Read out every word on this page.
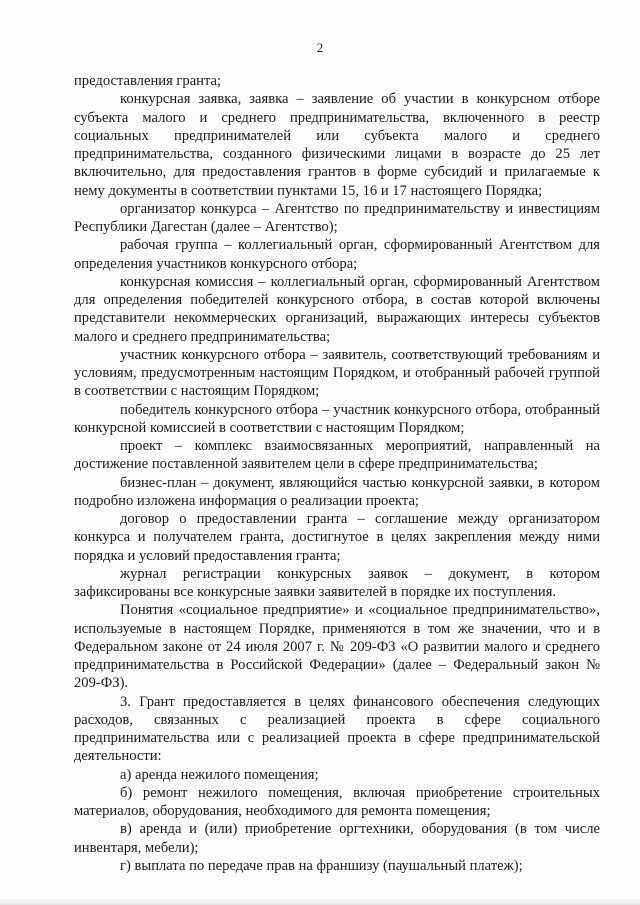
2

предоставления гранта;

конкурсная заявка, заявка – заявление об участии в конкурсном отборе субъекта малого и среднего предпринимательства, включенного в реестр социальных предпринимателей или субъекта малого и среднего предпринимательства, созданного физическими лицами в возрасте до 25 лет включительно, для предоставления грантов в форме субсидий и прилагаемые к нему документы в соответствии пунктами 15, 16 и 17 настоящего Порядка;

организатор конкурса – Агентство по предпринимательству и инвестициям Республики Дагестан (далее – Агентство);

рабочая группа – коллегиальный орган, сформированный Агентством для определения участников конкурсного отбора;

конкурсная комиссия – коллегиальный орган, сформированный Агентством для определения победителей конкурсного отбора, в состав которой включены представители некоммерческих организаций, выражающих интересы субъектов малого и среднего предпринимательства;

участник конкурсного отбора – заявитель, соответствующий требованиям и условиям, предусмотренным настоящим Порядком, и отобранный рабочей группой в соответствии с настоящим Порядком;

победитель конкурсного отбора – участник конкурсного отбора, отобранный конкурсной комиссией в соответствии с настоящим Порядком;

проект – комплекс взаимосвязанных мероприятий, направленный на достижение поставленной заявителем цели в сфере предпринимательства;

бизнес-план – документ, являющийся частью конкурсной заявки, в котором подробно изложена информация о реализации проекта;

договор о предоставлении гранта – соглашение между организатором конкурса и получателем гранта, достигнутое в целях закрепления между ними порядка и условий предоставления гранта;

журнал регистрации конкурсных заявок – документ, в котором зафиксированы все конкурсные заявки заявителей в порядке их поступления.

Понятия «социальное предприятие» и «социальное предпринимательство», используемые в настоящем Порядке, применяются в том же значении, что и в Федеральном законе от 24 июля 2007 г. № 209-ФЗ «О развитии малого и среднего предпринимательства в Российской Федерации» (далее – Федеральный закон № 209-ФЗ).

3. Грант предоставляется в целях финансового обеспечения следующих расходов, связанных с реализацией проекта в сфере социального предпринимательства или с реализацией проекта в сфере предпринимательской деятельности:

а) аренда нежилого помещения;

б) ремонт нежилого помещения, включая приобретение строительных материалов, оборудования, необходимого для ремонта помещения;

в) аренда и (или) приобретение оргтехники, оборудования (в том числе инвентаря, мебели);

г) выплата по передаче прав на франшизу (паушальный платеж);
